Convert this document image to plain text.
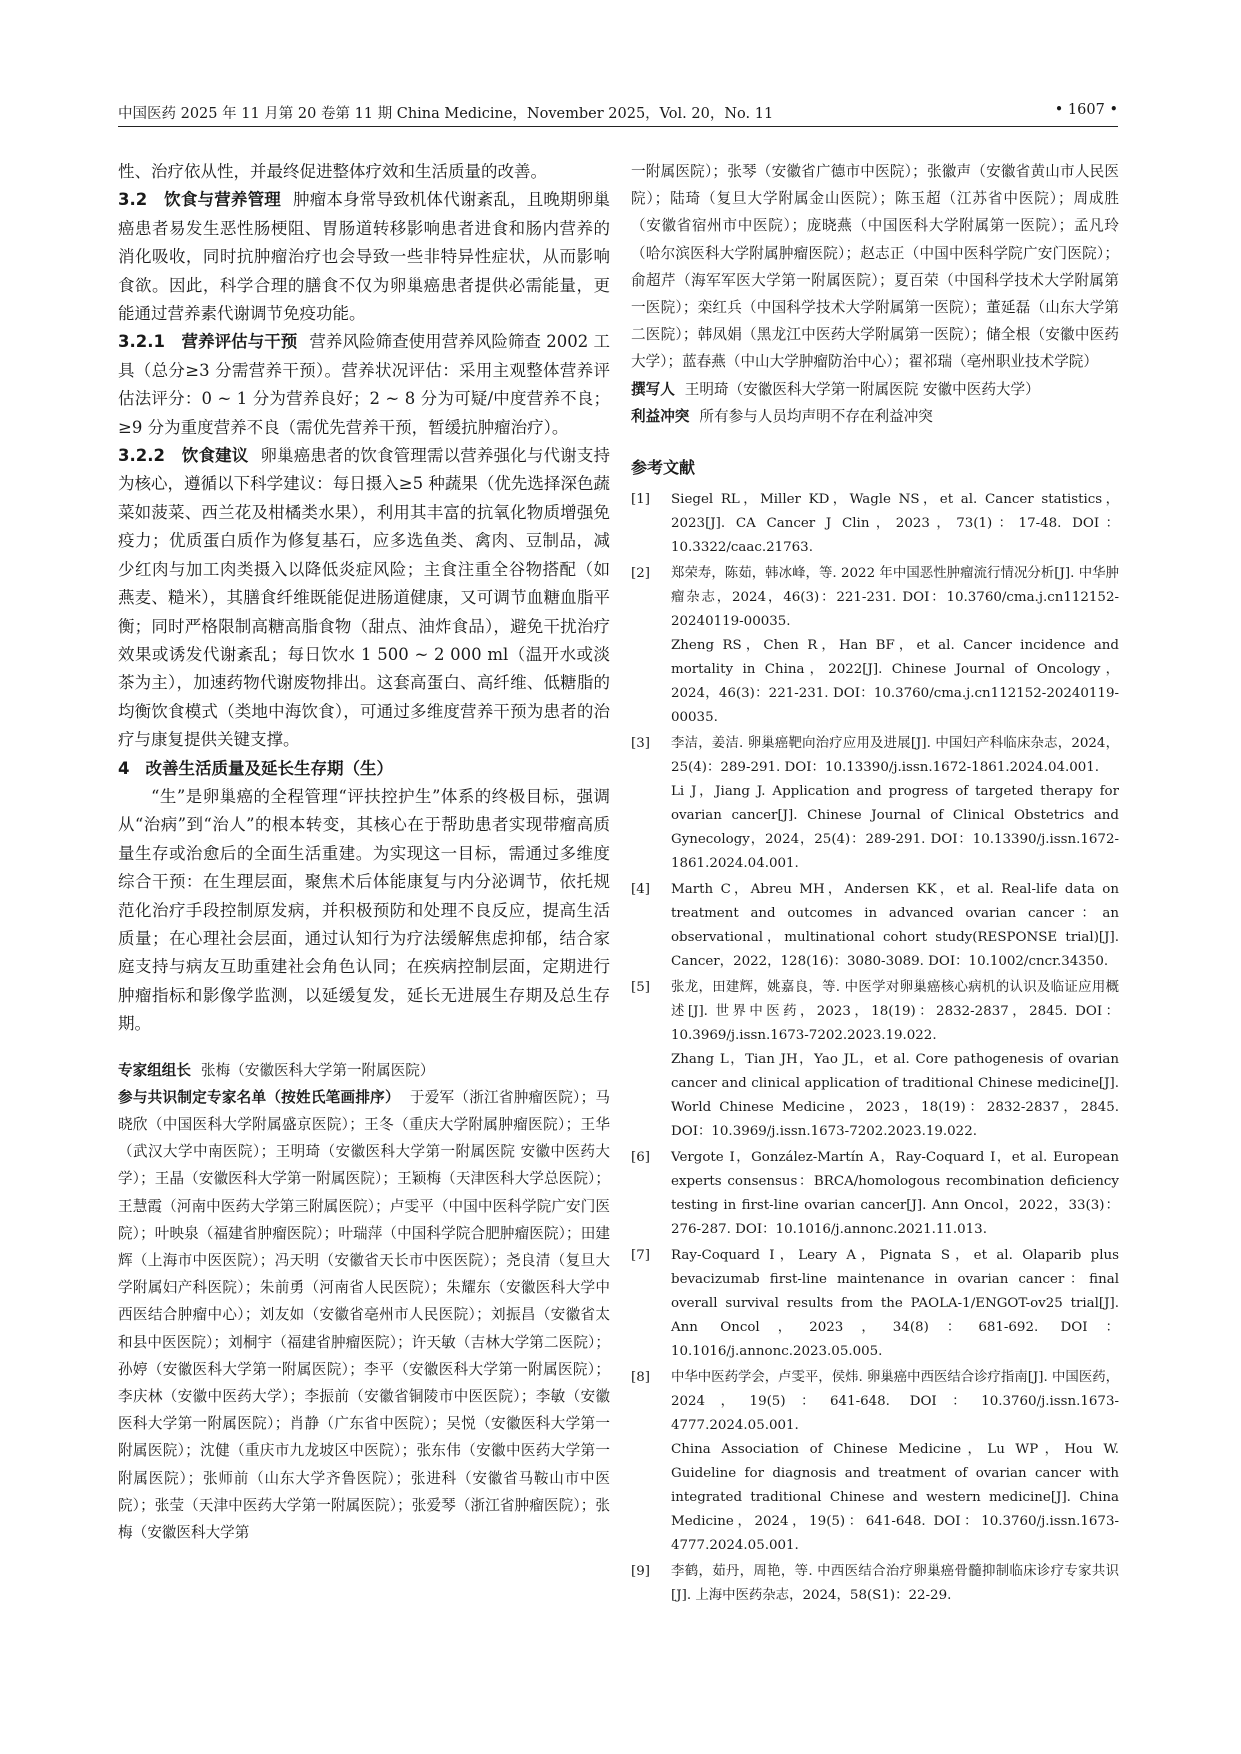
中国医药 2025 年 11 月第 20 卷第 11 期 China Medicine，November 2025，Vol. 20，No. 11	• 1607 •

性、治疗依从性，并最终促进整体疗效和生活质量的改善。

3.2　饮食与营养管理 肿瘤本身常导致机体代谢紊乱，且晚期卵巢癌患者易发生恶性肠梗阻、胃肠道转移影响患者进食和肠内营养的消化吸收，同时抗肿瘤治疗也会导致一些非特异性症状，从而影响食欲。因此，科学合理的膳食不仅为卵巢癌患者提供必需能量，更能通过营养素代谢调节免疫功能。

3.2.1　营养评估与干预 营养风险筛查使用营养风险筛查 2002 工具（总分≥3 分需营养干预）。营养状况评估：采用主观整体营养评估法评分：0 ~ 1 分为营养良好；2 ~ 8 分为可疑/中度营养不良；≥9 分为重度营养不良（需优先营养干预，暂缓抗肿瘤治疗）。

3.2.2　饮食建议 卵巢癌患者的饮食管理需以营养强化与代谢支持为核心，遵循以下科学建议：每日摄入≥5 种蔬果（优先选择深色蔬菜如菠菜、西兰花及柑橘类水果），利用其丰富的抗氧化物质增强免疫力；优质蛋白质作为修复基石，应多选鱼类、禽肉、豆制品，减少红肉与加工肉类摄入以降低炎症风险；主食注重全谷物搭配（如燕麦、糙米），其膳食纤维既能促进肠道健康，又可调节血糖血脂平衡；同时严格限制高糖高脂食物（甜点、油炸食品），避免干扰治疗效果或诱发代谢紊乱；每日饮水 1 500 ~ 2 000 ml（温开水或淡茶为主），加速药物代谢废物排出。这套高蛋白、高纤维、低糖脂的均衡饮食模式（类地中海饮食），可通过多维度营养干预为患者的治疗与康复提供关键支撑。

4 改善生活质量及延长生存期（生）

“生”是卵巢癌的全程管理“评扶控护生”体系的终极目标，强调从“治病”到“治人”的根本转变，其核心在于帮助患者实现带瘤高质量生存或治愈后的全面生活重建。为实现这一目标，需通过多维度综合干预：在生理层面，聚焦术后体能康复与内分泌调节，依托规范化治疗手段控制原发病，并积极预防和处理不良反应，提高生活质量；在心理社会层面，通过认知行为疗法缓解焦虑抑郁，结合家庭支持与病友互助重建社会角色认同；在疾病控制层面，定期进行肿瘤指标和影像学监测，以延缓复发，延长无进展生存期及总生存期。

专家组组长 张梅（安徽医科大学第一附属医院）

参与共识制定专家名单（按姓氏笔画排序） 于爱军（浙江省肿瘤医院）；马晓欣（中国医科大学附属盛京医院）；王冬（重庆大学附属肿瘤医院）；王华（武汉大学中南医院）；王明琦（安徽医科大学第一附属医院 安徽中医药大学）；王晶（安徽医科大学第一附属医院）；王颖梅（天津医科大学总医院）；王慧霞（河南中医药大学第三附属医院）；卢雯平（中国中医科学院广安门医院）；叶映泉（福建省肿瘤医院）；叶瑞萍（中国科学院合肥肿瘤医院）；田建辉（上海市中医医院）；冯天明（安徽省天长市中医医院）；尧良清（复旦大学附属妇产科医院）；朱前勇（河南省人民医院）；朱耀东（安徽医科大学中西医结合肿瘤中心）；刘友如（安徽省亳州市人民医院）；刘振昌（安徽省太和县中医医院）；刘桐宇（福建省肿瘤医院）；许天敏（吉林大学第二医院）；孙婷（安徽医科大学第一附属医院）；李平（安徽医科大学第一附属医院）；李庆林（安徽中医药大学）；李振前（安徽省铜陵市中医医院）；李敏（安徽医科大学第一附属医院）；肖静（广东省中医院）；吴悦（安徽医科大学第一附属医院）；沈健（重庆市九龙坡区中医院）；张东伟（安徽中医药大学第一附属医院）；张师前（山东大学齐鲁医院）；张进科（安徽省马鞍山市中医院）；张莹（天津中医药大学第一附属医院）；张爱琴（浙江省肿瘤医院）；张梅（安徽医科大学第

一附属医院）；张琴（安徽省广德市中医院）；张徽声（安徽省黄山市人民医院）；陆琦（复旦大学附属金山医院）；陈玉超（江苏省中医院）；周成胜（安徽省宿州市中医院）；庞晓燕（中国医科大学附属第一医院）；孟凡玲（哈尔滨医科大学附属肿瘤医院）；赵志正（中国中医科学院广安门医院）；俞超芹（海军军医大学第一附属医院）；夏百荣（中国科学技术大学附属第一医院）；栾红兵（中国科学技术大学附属第一医院）；董延磊（山东大学第二医院）；韩凤娟（黑龙江中医药大学附属第一医院）；储全根（安徽中医药大学）；蓝春燕（中山大学肿瘤防治中心）；翟祁瑞（亳州职业技术学院）

撰写人 王明琦（安徽医科大学第一附属医院 安徽中医药大学）

利益冲突 所有参与人员均声明不存在利益冲突

参考文献
[1]	Siegel RL，Miller KD，Wagle NS，et al. Cancer statistics，2023[J]. CA Cancer J Clin，2023，73(1)：17-48. DOI：10.3322/caac.21763.
[2]	郑荣寿，陈茹，韩冰峰，等. 2022 年中国恶性肿瘤流行情况分析[J]. 中华肿瘤杂志，2024，46(3)：221-231. DOI：10.3760/cma.j.cn112152-20240119-00035.
Zheng RS，Chen R，Han BF，et al. Cancer incidence and mortality in China，2022[J]. Chinese Journal of Oncology，2024，46(3)：221-231. DOI：10.3760/cma.j.cn112152-20240119-00035.
[3]	李洁，姜洁. 卵巢癌靶向治疗应用及进展[J]. 中国妇产科临床杂志，2024，25(4)：289-291. DOI：10.13390/j.issn.1672-1861.2024.04.001.
Li J，Jiang J. Application and progress of targeted therapy for ovarian cancer[J]. Chinese Journal of Clinical Obstetrics and Gynecology，2024，25(4)：289-291. DOI：10.13390/j.issn.1672-1861.2024.04.001.
[4]	Marth C，Abreu MH，Andersen KK，et al. Real-life data on treatment and outcomes in advanced ovarian cancer：an observational，multinational cohort study(RESPONSE trial)[J]. Cancer，2022，128(16)：3080-3089. DOI：10.1002/cncr.34350.
[5]	张龙，田建辉，姚嘉良，等. 中医学对卵巢癌核心病机的认识及临证应用概述[J]. 世界中医药，2023，18(19)：2832-2837，2845. DOI：10.3969/j.issn.1673-7202.2023.19.022.
Zhang L，Tian JH，Yao JL，et al. Core pathogenesis of ovarian cancer and clinical application of traditional Chinese medicine[J]. World Chinese Medicine，2023，18(19)：2832-2837，2845. DOI：10.3969/j.issn.1673-7202.2023.19.022.
[6]	Vergote I，González-Martín A，Ray-Coquard I，et al. European experts consensus：BRCA/homologous recombination deficiency testing in first-line ovarian cancer[J]. Ann Oncol，2022，33(3)：276-287. DOI：10.1016/j.annonc.2021.11.013.
[7]	Ray-Coquard I，Leary A，Pignata S，et al. Olaparib plus bevacizumab first-line maintenance in ovarian cancer：final overall survival results from the PAOLA-1/ENGOT-ov25 trial[J]. Ann Oncol，2023，34(8)：681-692. DOI：10.1016/j.annonc.2023.05.005.
[8]	中华中医药学会，卢雯平，侯炜. 卵巢癌中西医结合诊疗指南[J]. 中国医药，2024，19(5)：641-648. DOI：10.3760/j.issn.1673-4777.2024.05.001.
China Association of Chinese Medicine，Lu WP，Hou W. Guideline for diagnosis and treatment of ovarian cancer with integrated traditional Chinese and western medicine[J]. China Medicine，2024，19(5)：641-648. DOI：10.3760/j.issn.1673-4777.2024.05.001.
[9]	李鹤，茹丹，周艳，等. 中西医结合治疗卵巢癌骨髓抑制临床诊疗专家共识[J]. 上海中医药杂志，2024，58(S1)：22-29.
